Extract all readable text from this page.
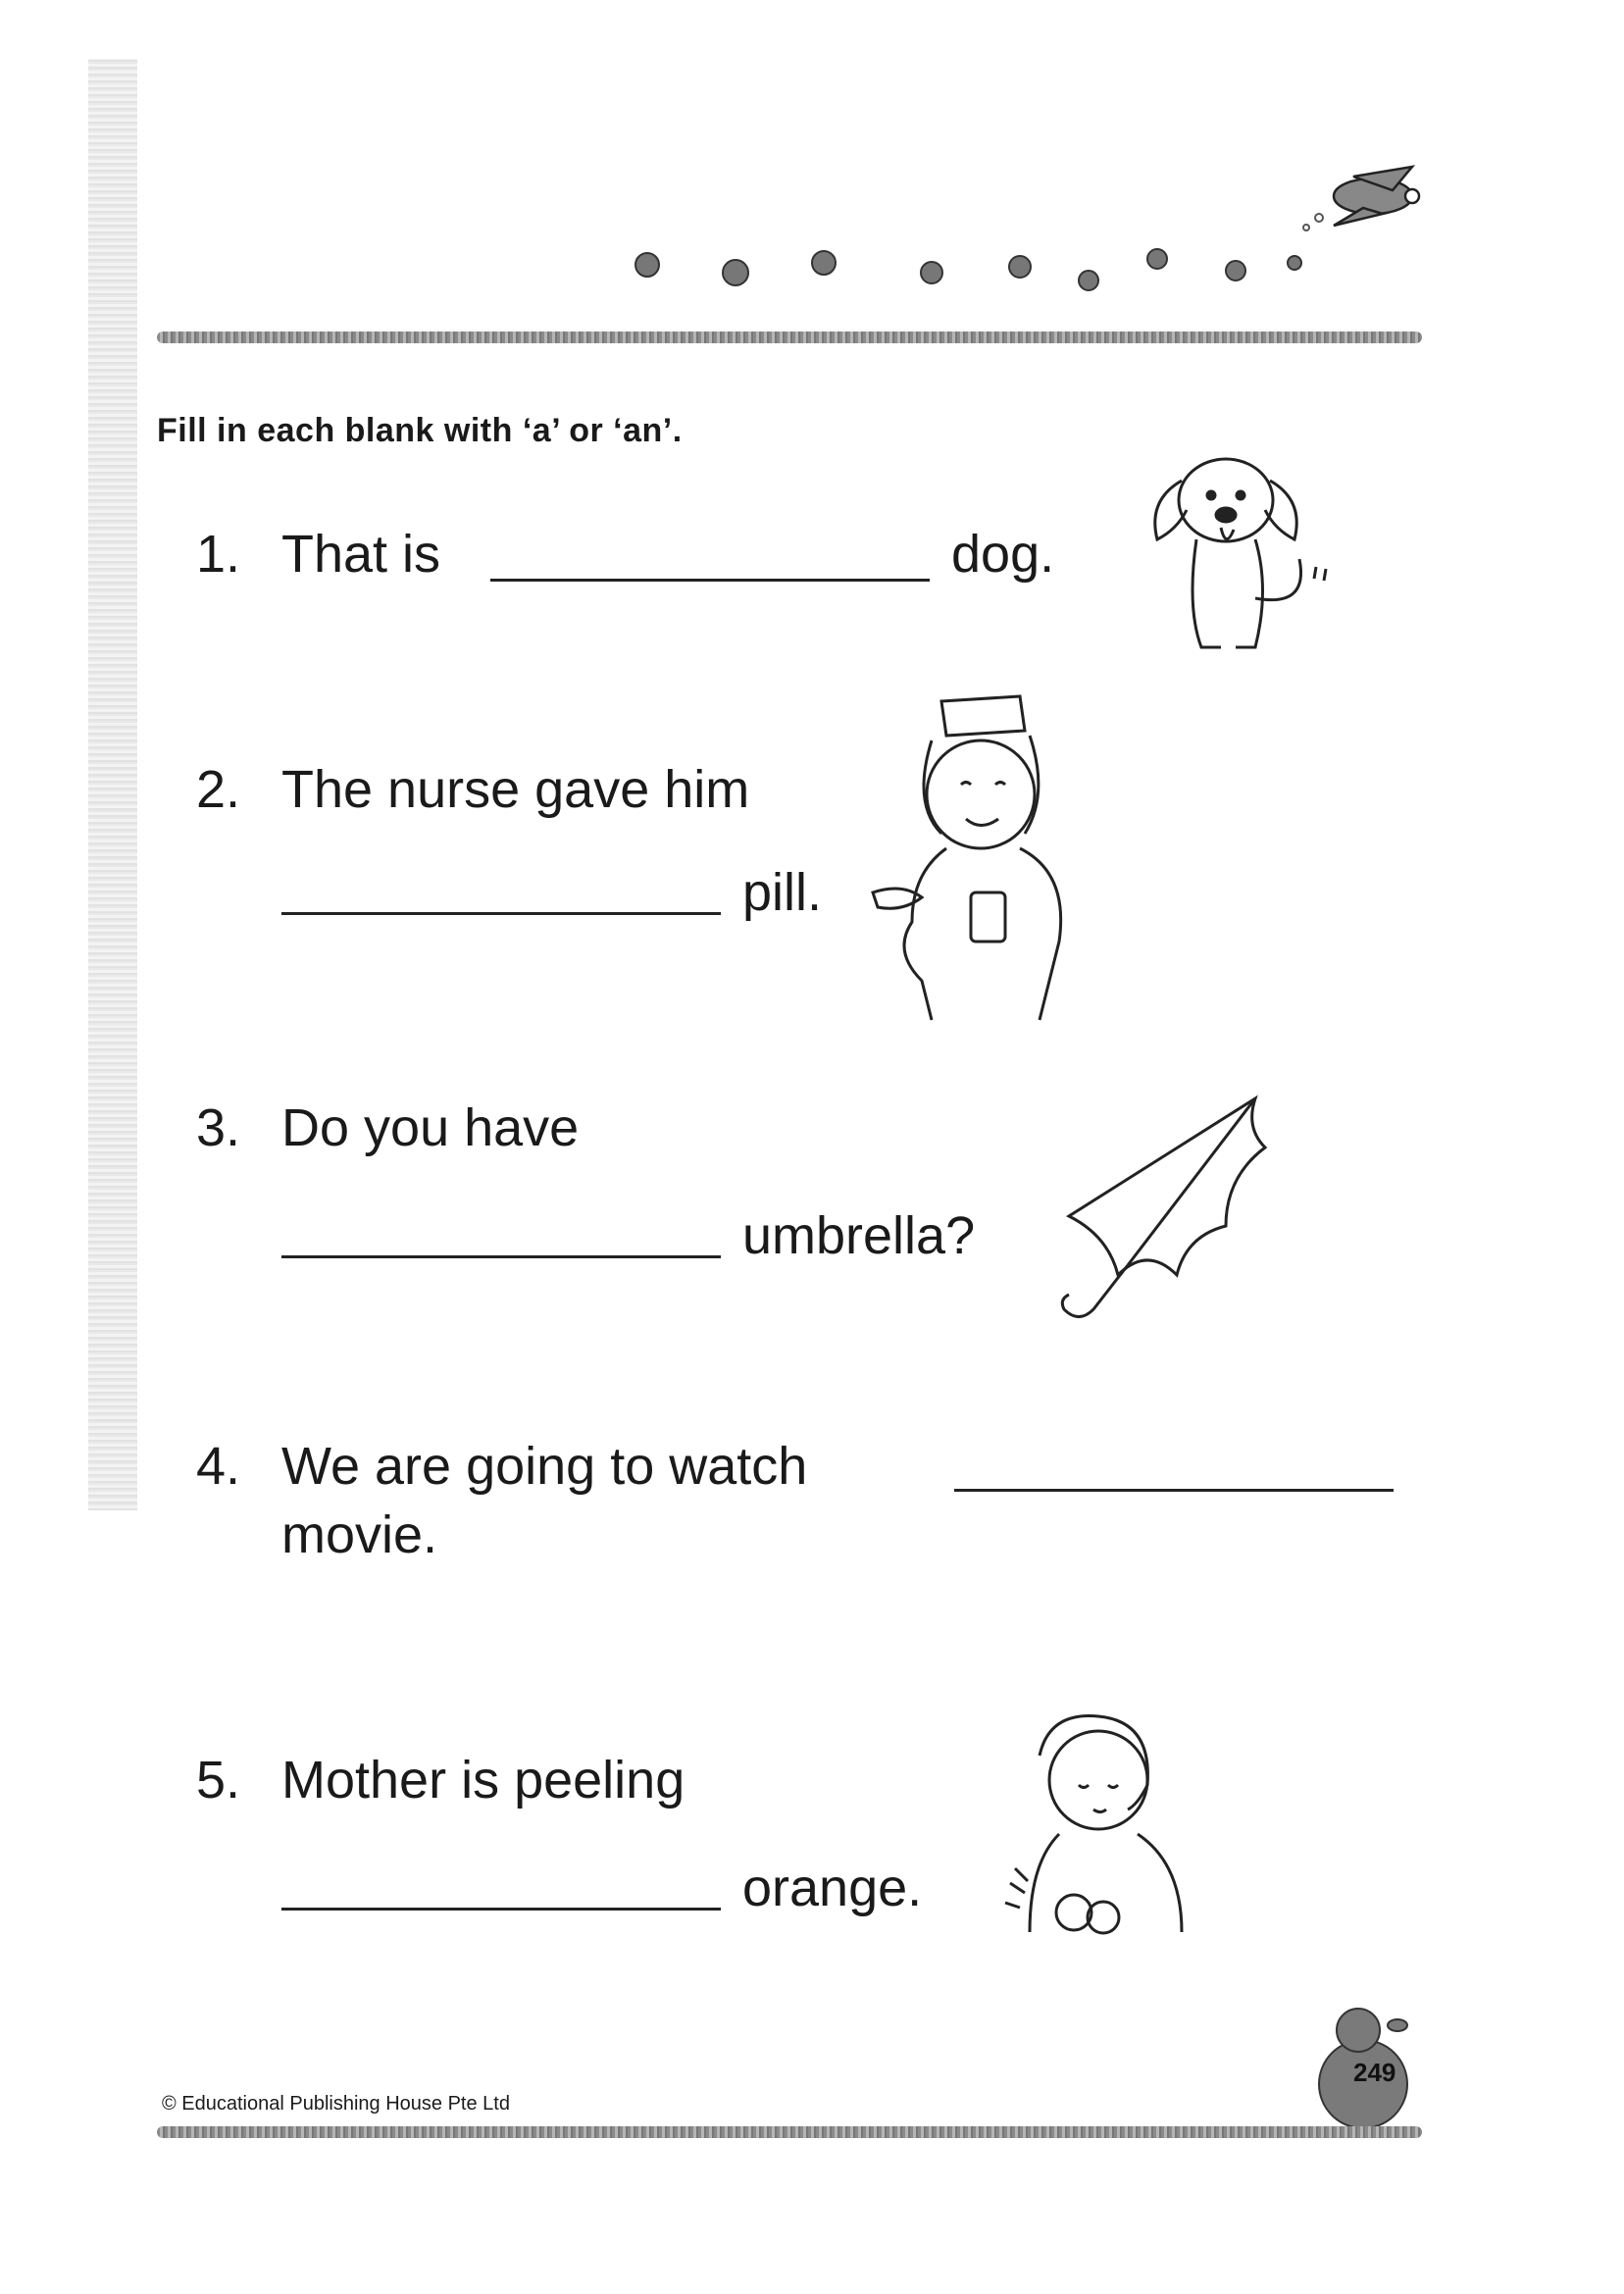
Fill in each blank with ‘a’ or ‘an’.
1. That is	dog.
2. The nurse gave him
pill.
3. Do you have
umbrella?
4. We are going to watch
movie.
5. Mother is peeling
orange.
© Educational Publishing House Pte Ltd
249
